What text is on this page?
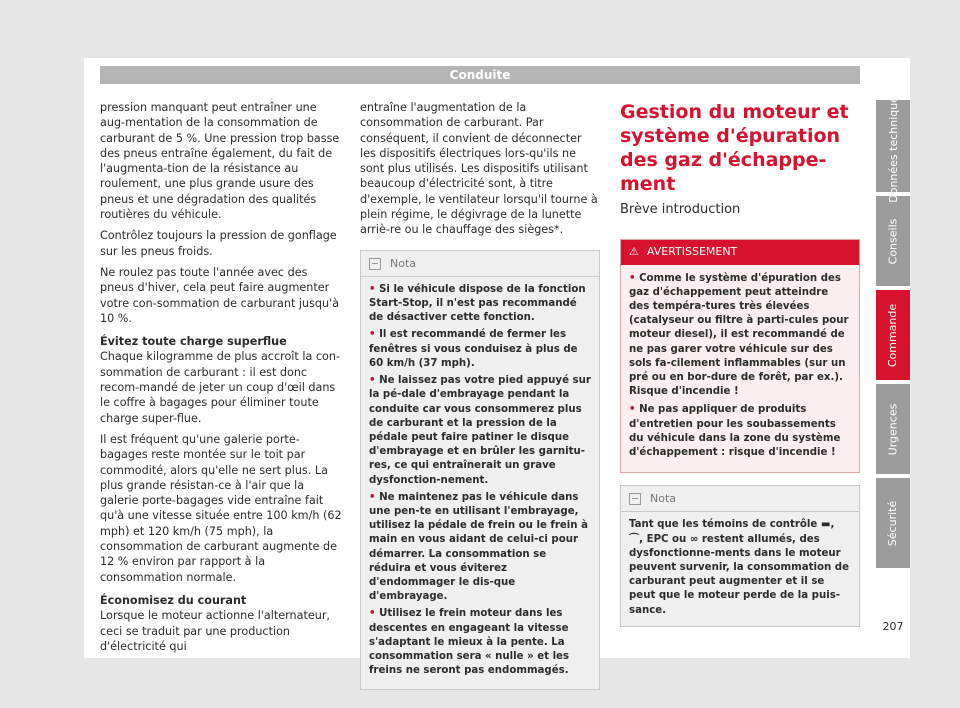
Conduite

pression manquant peut entraîner une aug-mentation de la consommation de carburant de 5 %. Une pression trop basse des pneus entraîne également, du fait de l'augmenta-tion de la résistance au roulement, une plus grande usure des pneus et une dégradation des qualités routières du véhicule.

Contrôlez toujours la pression de gonflage sur les pneus froids.

Ne roulez pas toute l'année avec des pneus d'hiver, cela peut faire augmenter votre con-sommation de carburant jusqu'à 10 %.

Évitez toute charge superflue

Chaque kilogramme de plus accroît la con-sommation de carburant : il est donc recom-mandé de jeter un coup d'œil dans le coffre à bagages pour éliminer toute charge super-flue.

Il est fréquent qu'une galerie porte-bagages reste montée sur le toit par commodité, alors qu'elle ne sert plus. La plus grande résistan-ce à l'air que la galerie porte-bagages vide entraîne fait qu'à une vitesse située entre 100 km/h (62 mph) et 120 km/h (75 mph), la consommation de carburant augmente de 12 % environ par rapport à la consommation normale.

Économisez du courant

Lorsque le moteur actionne l'alternateur, ceci se traduit par une production d'électricité qui

entraîne l'augmentation de la consommation de carburant. Par conséquent, il convient de déconnecter les dispositifs électriques lors-qu'ils ne sont plus utilisés. Les dispositifs utilisant beaucoup d'électricité sont, à titre d'exemple, le ventilateur lorsqu'il tourne à plein régime, le dégivrage de la lunette arriè-re ou le chauffage des sièges*.

Nota
• Si le véhicule dispose de la fonction Start-Stop, il n'est pas recommandé de désactiver cette fonction.
• Il est recommandé de fermer les fenêtres si vous conduisez à plus de 60 km/h (37 mph).
• Ne laissez pas votre pied appuyé sur la pé-dale d'embrayage pendant la conduite car vous consommerez plus de carburant et la pression de la pédale peut faire patiner le disque d'embrayage et en brûler les garnitu-res, ce qui entraînerait un grave dysfonction-nement.
• Ne maintenez pas le véhicule dans une pen-te en utilisant l'embrayage, utilisez la pédale de frein ou le frein à main en vous aidant de celui-ci pour démarrer. La consommation se réduira et vous éviterez d'endommager le dis-que d'embrayage.
• Utilisez le frein moteur dans les descentes en engageant la vitesse s'adaptant le mieux à la pente. La consommation sera « nulle » et les freins ne seront pas endommagés.
Gestion du moteur et système d'épuration des gaz d'échappe-ment
Brève introduction
⚠ AVERTISSEMENT
• Comme le système d'épuration des gaz d'échappement peut atteindre des tempéra-tures très élevées (catalyseur ou filtre à parti-cules pour moteur diesel), il est recommandé de ne pas garer votre véhicule sur des sols fa-cilement inflammables (sur un pré ou en bor-dure de forêt, par ex.). Risque d'incendie !
• Ne pas appliquer de produits d'entretien pour les soubassements du véhicule dans la zone du système d'échappement : risque d'incendie !
Nota
Tant que les témoins de contrôle ▬, ⌒, EPC ou ∞ restent allumés, des dysfonctionne-ments dans le moteur peuvent survenir, la consommation de carburant peut augmenter et il se peut que le moteur perde de la puis-sance.
Données techniques
Conseils
Commande
Urgences
Sécurité
207
